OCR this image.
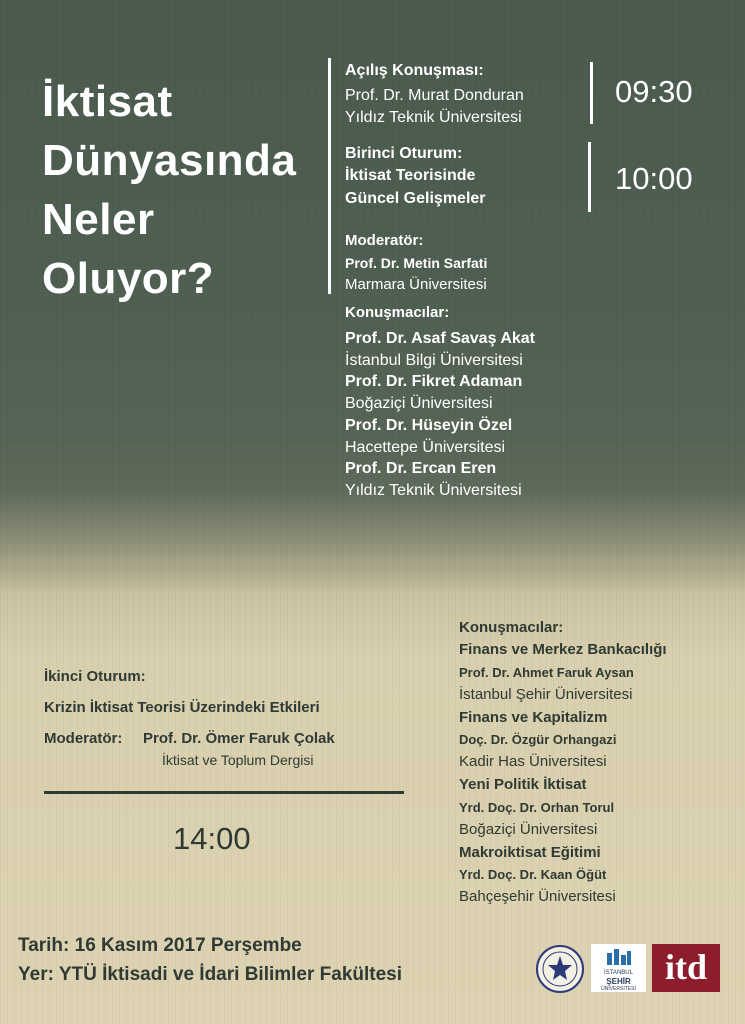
İktisat
Dünyasında
Neler
Oluyor?
Açılış Konuşması:
Prof. Dr. Murat Donduran
Yıldız Teknik Üniversitesi
09:30
Birinci Oturum:
İktisat Teorisinde
Güncel Gelişmeler
10:00
Moderatör:
Prof. Dr. Metin Sarfati
Marmara Üniversitesi
Konuşmacılar:
Prof. Dr. Asaf Savaş Akat
İstanbul Bilgi Üniversitesi
Prof. Dr. Fikret Adaman
Boğaziçi Üniversitesi
Prof. Dr. Hüseyin Özel
Hacettepe Üniversitesi
Prof. Dr. Ercan Eren
Yıldız Teknik Üniversitesi
İkinci Oturum:
Krizin İktisat Teorisi Üzerindeki Etkileri
Moderatör: Prof. Dr. Ömer Faruk Çolak
İktisat ve Toplum Dergisi
14:00
Konuşmacılar:
Finans ve Merkez Bankacılığı
Prof. Dr. Ahmet Faruk Aysan
İstanbul Şehir Üniversitesi
Finans ve Kapitalizm
Doç. Dr. Özgür Orhangazi
Kadir Has Üniversitesi
Yeni Politik İktisat
Yrd. Doç. Dr. Orhan Torul
Boğaziçi Üniversitesi
Makroiktisat Eğitimi
Yrd. Doç. Dr. Kaan Öğüt
Bahçeşehir Üniversitesi
Tarih: 16 Kasım 2017 Perşembe
Yer: YTÜ İktisadi ve İdari Bilimler Fakültesi	İSTANBUL
ŞEHİR
ÜNİVERSİTESİ
itd
